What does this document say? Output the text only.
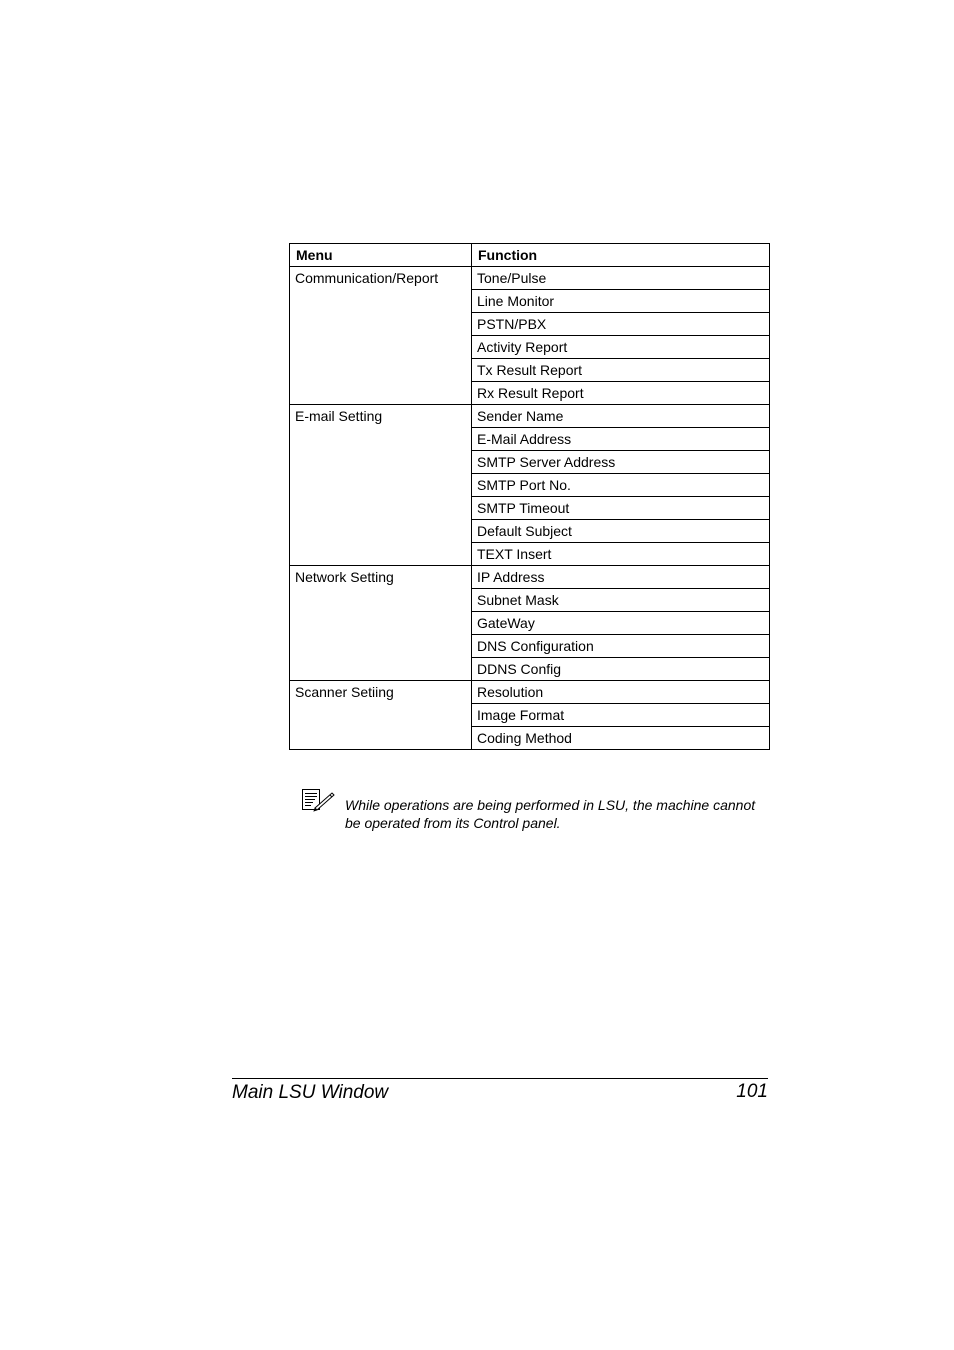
Menu	Function
Communication/Report	Tone/Pulse
	Line Monitor
	PSTN/PBX
	Activity Report
	Tx Result Report
	Rx Result Report
E-mail Setting	Sender Name
	E-Mail Address
	SMTP Server Address
	SMTP Port No.
	SMTP Timeout
	Default Subject
	TEXT Insert
Network Setting	IP Address
	Subnet Mask
	GateWay
	DNS Configuration
	DDNS Config
Scanner Setiing	Resolution
	Image Format
	Coding Method
While operations are being performed in LSU, the machine cannot be operated from its Control panel.
Main LSU Window	101
